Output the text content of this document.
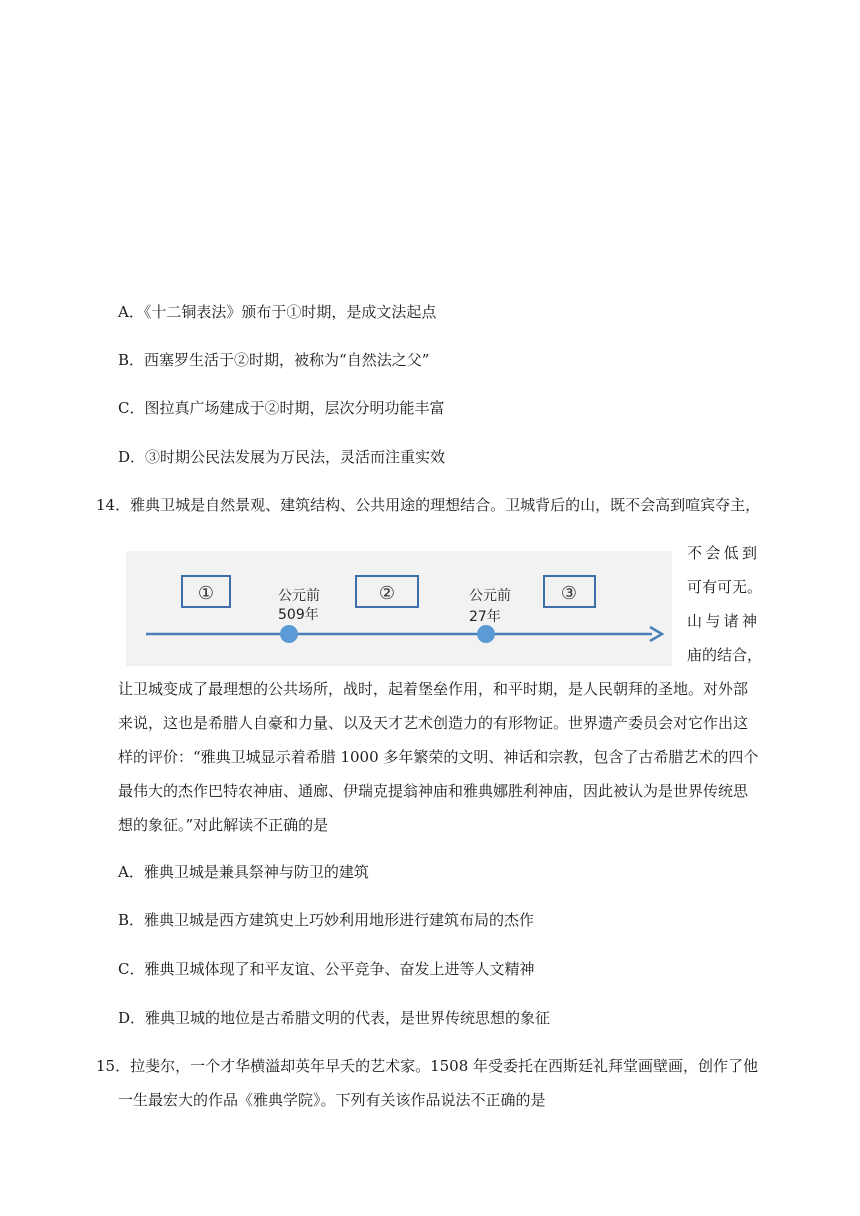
A．《十二铜表法》颁布于①时期，是成文法起点
B．西塞罗生活于②时期，被称为“自然法之父”
C．图拉真广场建成于②时期，层次分明功能丰富
D．③时期公民法发展为万民法，灵活而注重实效
14．雅典卫城是自然景观、建筑结构、公共用途的理想结合。卫城背后的山，既不会高到喧宾夺主，
①	②	③
公元前
509年
公元前
27年
不会低到
可有可无。
山与诸神
庙的结合，
让卫城变成了最理想的公共场所，战时，起着堡垒作用，和平时期，是人民朝拜的圣地。对外部
来说，这也是希腊人自豪和力量、以及天才艺术创造力的有形物证。世界遗产委员会对它作出这
样的评价：“雅典卫城显示着希腊 1000 多年繁荣的文明、神话和宗教，包含了古希腊艺术的四个
最伟大的杰作巴特农神庙、通廊、伊瑞克提翁神庙和雅典娜胜利神庙，因此被认为是世界传统思
想的象征。”对此解读不正确的是
A．雅典卫城是兼具祭神与防卫的建筑
B．雅典卫城是西方建筑史上巧妙利用地形进行建筑布局的杰作
C．雅典卫城体现了和平友谊、公平竞争、奋发上进等人文精神
D．雅典卫城的地位是古希腊文明的代表，是世界传统思想的象征
15．拉斐尔，一个才华横溢却英年早夭的艺术家。1508 年受委托在西斯廷礼拜堂画壁画，创作了他
一生最宏大的作品《雅典学院》。下列有关该作品说法不正确的是
